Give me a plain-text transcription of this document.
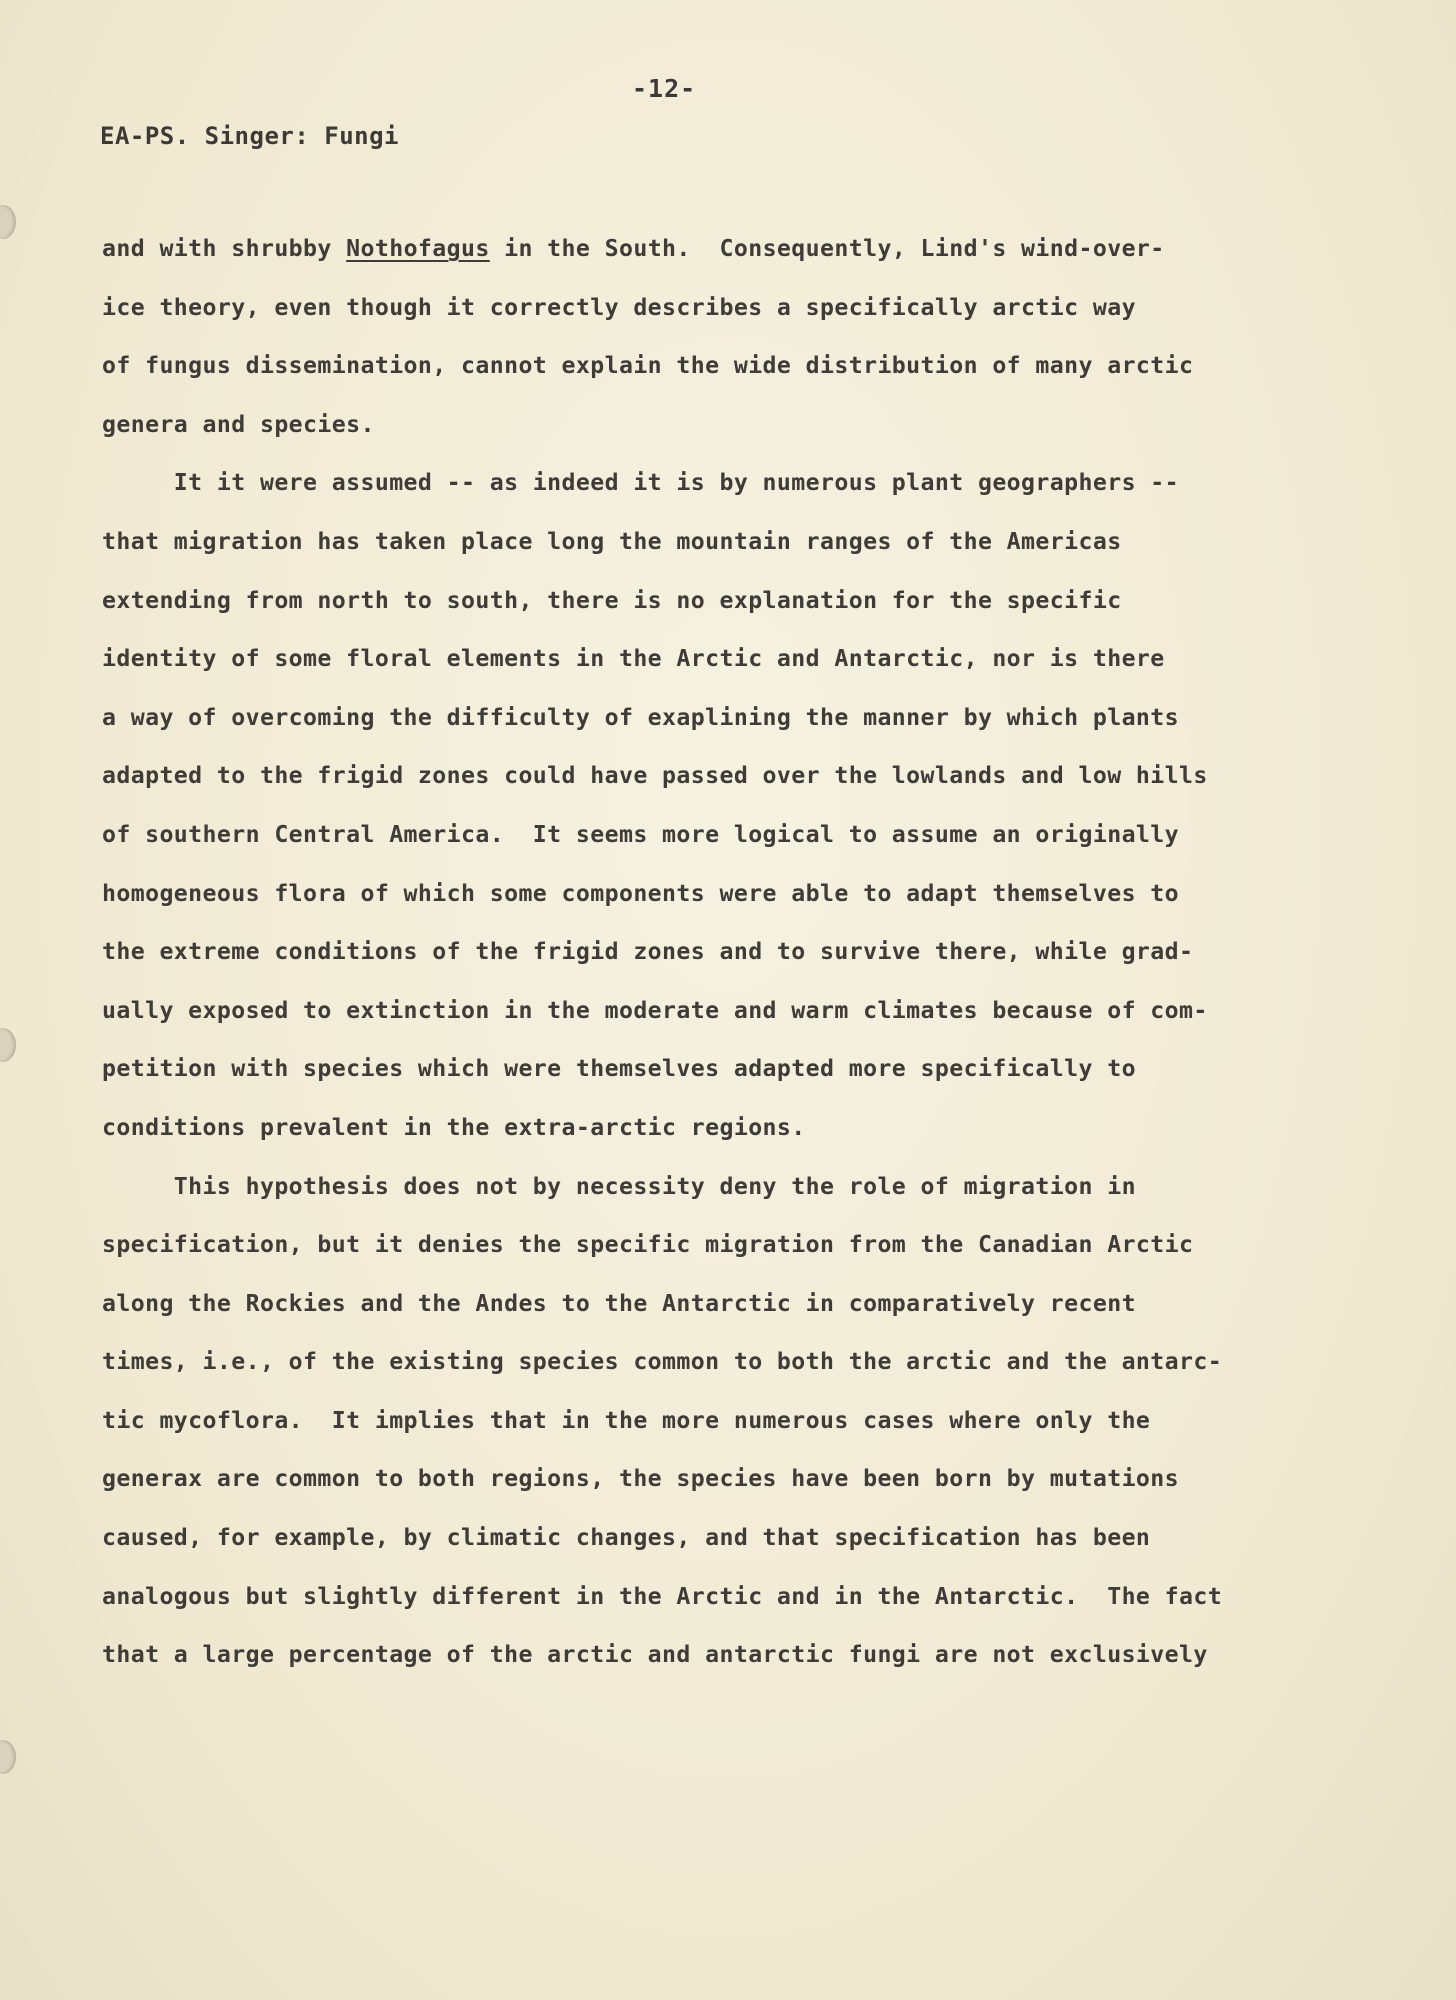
-12-
EA-PS. Singer: Fungi
and with shrubby Nothofagus in the South.  Consequently, Lind's wind-over-
ice theory, even though it correctly describes a specifically arctic way
of fungus dissemination, cannot explain the wide distribution of many arctic
genera and species.
It it were assumed -- as indeed it is by numerous plant geographers --
that migration has taken place long the mountain ranges of the Americas
extending from north to south, there is no explanation for the specific
identity of some floral elements in the Arctic and Antarctic, nor is there
a way of overcoming the difficulty of exaplining the manner by which plants
adapted to the frigid zones could have passed over the lowlands and low hills
of southern Central America.  It seems more logical to assume an originally
homogeneous flora of which some components were able to adapt themselves to
the extreme conditions of the frigid zones and to survive there, while grad-
ually exposed to extinction in the moderate and warm climates because of com-
petition with species which were themselves adapted more specifically to
conditions prevalent in the extra-arctic regions.
This hypothesis does not by necessity deny the role of migration in
specification, but it denies the specific migration from the Canadian Arctic
along the Rockies and the Andes to the Antarctic in comparatively recent
times, i.e., of the existing species common to both the arctic and the antarc-
tic mycoflora.  It implies that in the more numerous cases where only the
generax are common to both regions, the species have been born by mutations
caused, for example, by climatic changes, and that specification has been
analogous but slightly different in the Arctic and in the Antarctic.  The fact
that a large percentage of the arctic and antarctic fungi are not exclusively
